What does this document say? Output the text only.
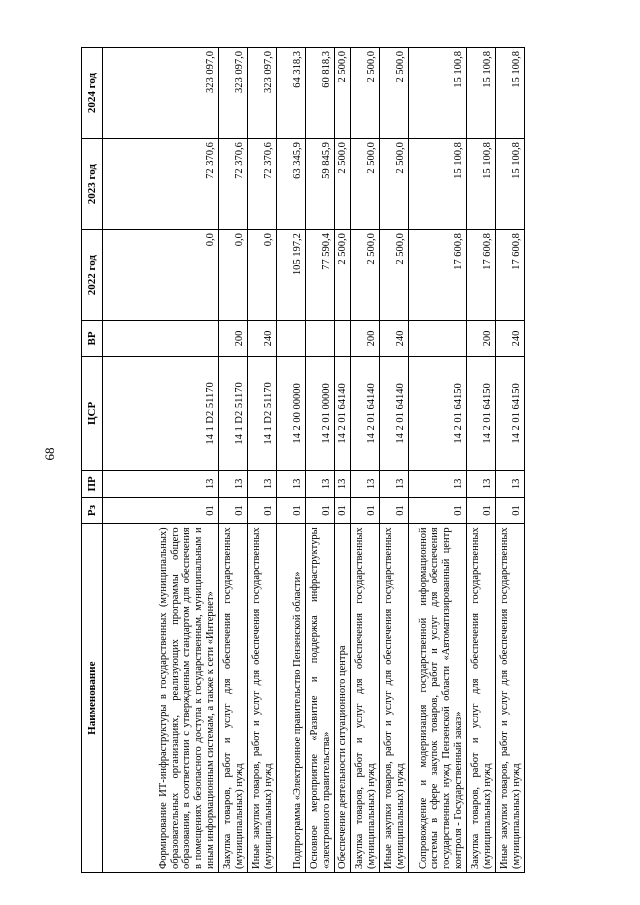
68
Наименование	Рз	ПР	ЦСР	ВР	2022 год	2023 год	2024 год
Формирование ИТ-инфраструктуры в государственных (муниципальных) образовательных организациях, реализующих программы общего образования, в соответствии с утвержденным стандартом для обеспечения в помещениях безопасного доступа к государственным, муниципальным и иным информационным системам, а также к сети «Интернет»	01	13	14 1 D2 51170		0,0	72 370,6	323 097,0
Закупка товаров, работ и услуг для обеспечения государственных (муниципальных) нужд	01	13	14 1 D2 51170	200	0,0	72 370,6	323 097,0
Иные закупки товаров, работ и услуг для обеспечения государственных (муниципальных) нужд	01	13	14 1 D2 51170	240	0,0	72 370,6	323 097,0
Подпрограмма «Электронное правительство Пензенской области»	01	13	14 2 00 00000		105 197,2	63 345,9	64 318,3
Основное мероприятие «Развитие и поддержка инфраструктуры «электронного правительства»	01	13	14 2 01 00000		77 590,4	59 845,9	60 818,3
Обеспечение деятельности ситуационного центра	01	13	14 2 01 64140		2 500,0	2 500,0	2 500,0
Закупка товаров, работ и услуг для обеспечения государственных (муниципальных) нужд	01	13	14 2 01 64140	200	2 500,0	2 500,0	2 500,0
Иные закупки товаров, работ и услуг для обеспечения государственных (муниципальных) нужд	01	13	14 2 01 64140	240	2 500,0	2 500,0	2 500,0
Сопровождение и модернизация государственной информационной системы в сфере закупок товаров, работ и услуг для обеспечения государственных нужд Пензенской области «Автоматизированный центр контроля - Государственный заказ»	01	13	14 2 01 64150		17 600,8	15 100,8	15 100,8
Закупка товаров, работ и услуг для обеспечения государственных (муниципальных) нужд	01	13	14 2 01 64150	200	17 600,8	15 100,8	15 100,8
Иные закупки товаров, работ и услуг для обеспечения государственных (муниципальных) нужд	01	13	14 2 01 64150	240	17 600,8	15 100,8	15 100,8
